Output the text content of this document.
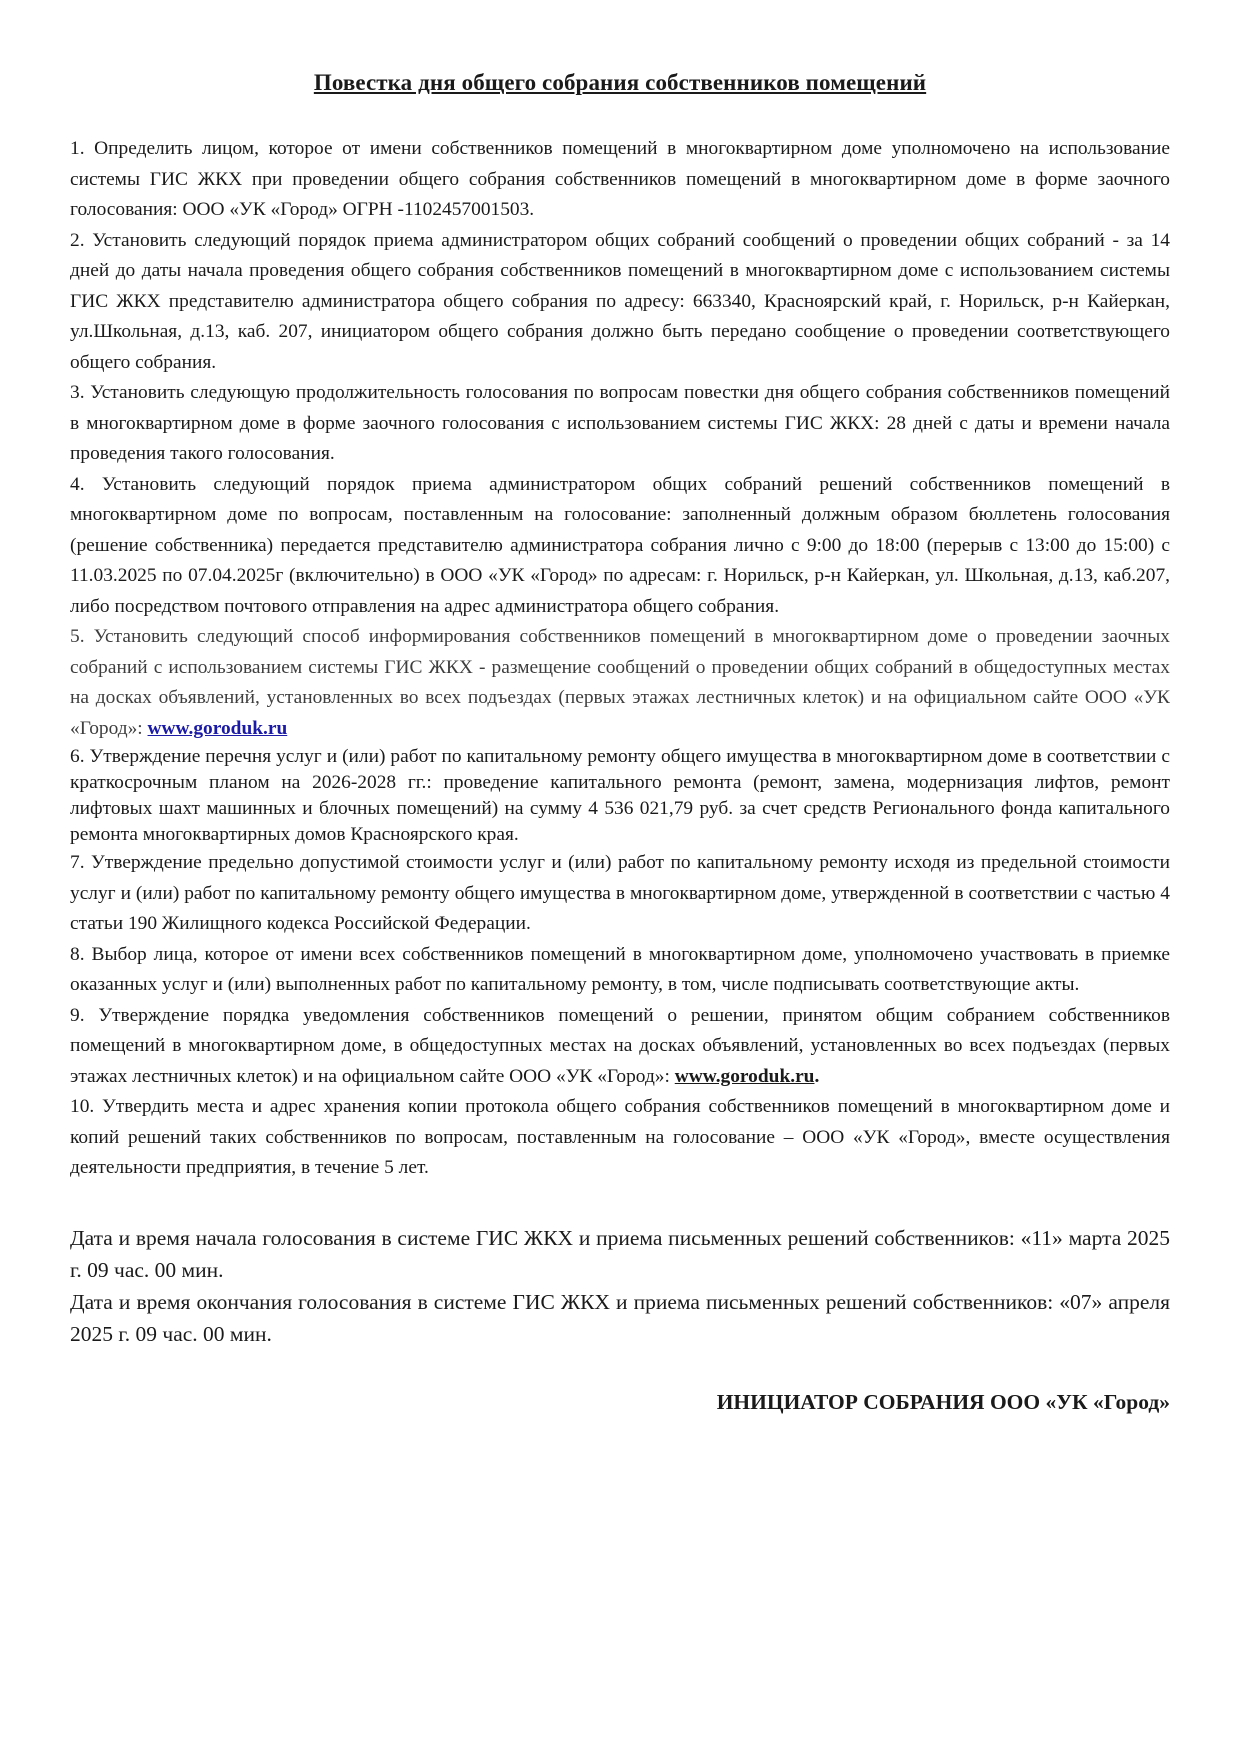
Повестка дня общего собрания собственников помещений

1. Определить лицом, которое от имени собственников помещений в многоквартирном доме уполномочено на использование системы ГИС ЖКХ при проведении общего собрания собственников помещений в многоквартирном доме в форме заочного голосования: ООО «УК «Город» ОГРН -1102457001503.

2. Установить следующий порядок приема администратором общих собраний сообщений о проведении общих собраний - за 14 дней до даты начала проведения общего собрания собственников помещений в многоквартирном доме с использованием системы ГИС ЖКХ представителю администратора общего собрания по адресу: 663340, Красноярский край, г. Норильск, р-н Кайеркан, ул.Школьная, д.13, каб. 207, инициатором общего собрания должно быть передано сообщение о проведении соответствующего общего собрания.

3. Установить следующую продолжительность голосования по вопросам повестки дня общего собрания собственников помещений в многоквартирном доме в форме заочного голосования с использованием системы ГИС ЖКХ: 28 дней с даты и времени начала проведения такого голосования.

4. Установить следующий порядок приема администратором общих собраний решений собственников помещений в многоквартирном доме по вопросам, поставленным на голосование: заполненный должным образом бюллетень голосования (решение собственника) передается представителю администратора собрания лично с 9:00 до 18:00 (перерыв с 13:00 до 15:00) с 11.03.2025 по 07.04.2025г (включительно) в ООО «УК «Город» по адресам: г. Норильск, р-н Кайеркан, ул. Школьная, д.13, каб.207, либо посредством почтового отправления на адрес администратора общего собрания.

5. Установить следующий способ информирования собственников помещений в многоквартирном доме о проведении заочных собраний с использованием системы ГИС ЖКХ - размещение сообщений о проведении общих собраний в общедоступных местах на досках объявлений, установленных во всех подъездах (первых этажах лестничных клеток) и на официальном сайте ООО «УК «Город»: www.goroduk.ru

6. Утверждение перечня услуг и (или) работ по капитальному ремонту общего имущества в многоквартирном доме в соответствии с краткосрочным планом на 2026-2028 гг.: проведение капитального ремонта (ремонт, замена, модернизация лифтов, ремонт лифтовых шахт машинных и блочных помещений) на сумму 4 536 021,79 руб. за счет средств Регионального фонда капитального ремонта многоквартирных домов Красноярского края.

7. Утверждение предельно допустимой стоимости услуг и (или) работ по капитальному ремонту исходя из предельной стоимости услуг и (или) работ по капитальному ремонту общего имущества в многоквартирном доме, утвержденной в соответствии с частью 4 статьи 190 Жилищного кодекса Российской Федерации.

8. Выбор лица, которое от имени всех собственников помещений в многоквартирном доме, уполномочено участвовать в приемке оказанных услуг и (или) выполненных работ по капитальному ремонту, в том, числе подписывать соответствующие акты.

9. Утверждение порядка уведомления собственников помещений о решении, принятом общим собранием собственников помещений в многоквартирном доме, в общедоступных местах на досках объявлений, установленных во всех подъездах (первых этажах лестничных клеток) и на официальном сайте ООО «УК «Город»: www.goroduk.ru.

10. Утвердить места и адрес хранения копии протокола общего собрания собственников помещений в многоквартирном доме и копий решений таких собственников по вопросам, поставленным на голосование – ООО «УК «Город», вместе осуществления деятельности предприятия, в течение 5 лет.

Дата и время начала голосования в системе ГИС ЖКХ и приема письменных решений собственников: «11» марта 2025 г. 09 час. 00 мин.

Дата и время окончания голосования в системе ГИС ЖКХ и приема письменных решений собственников: «07» апреля 2025 г. 09 час. 00 мин.

ИНИЦИАТОР СОБРАНИЯ ООО «УК «Город»
